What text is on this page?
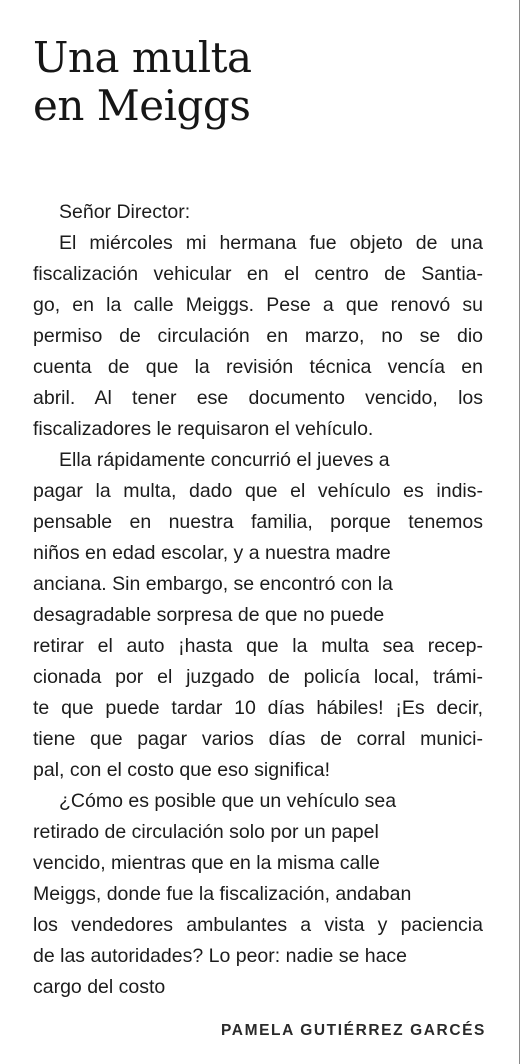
Una multa
en Meiggs
Señor Director:
El miércoles mi hermana fue objeto de una
fiscalización vehicular en el centro de Santia-
go, en la calle Meiggs. Pese a que renovó su
permiso de circulación en marzo, no se dio
cuenta de que la revisión técnica vencía en
abril. Al tener ese documento vencido, los
fiscalizadores le requisaron el vehículo.
Ella rápidamente concurrió el jueves a
pagar la multa, dado que el vehículo es indis-
pensable en nuestra familia, porque tenemos
niños en edad escolar, y a nuestra madre
anciana. Sin embargo, se encontró con la
desagradable sorpresa de que no puede
retirar el auto ¡hasta que la multa sea recep-
cionada por el juzgado de policía local, trámi-
te que puede tardar 10 días hábiles! ¡Es decir,
tiene que pagar varios días de corral munici-
pal, con el costo que eso significa!
¿Cómo es posible que un vehículo sea
retirado de circulación solo por un papel
vencido, mientras que en la misma calle
Meiggs, donde fue la fiscalización, andaban
los vendedores ambulantes a vista y paciencia
de las autoridades? Lo peor: nadie se hace
cargo del costo
PAMELA GUTIÉRREZ GARCÉS
